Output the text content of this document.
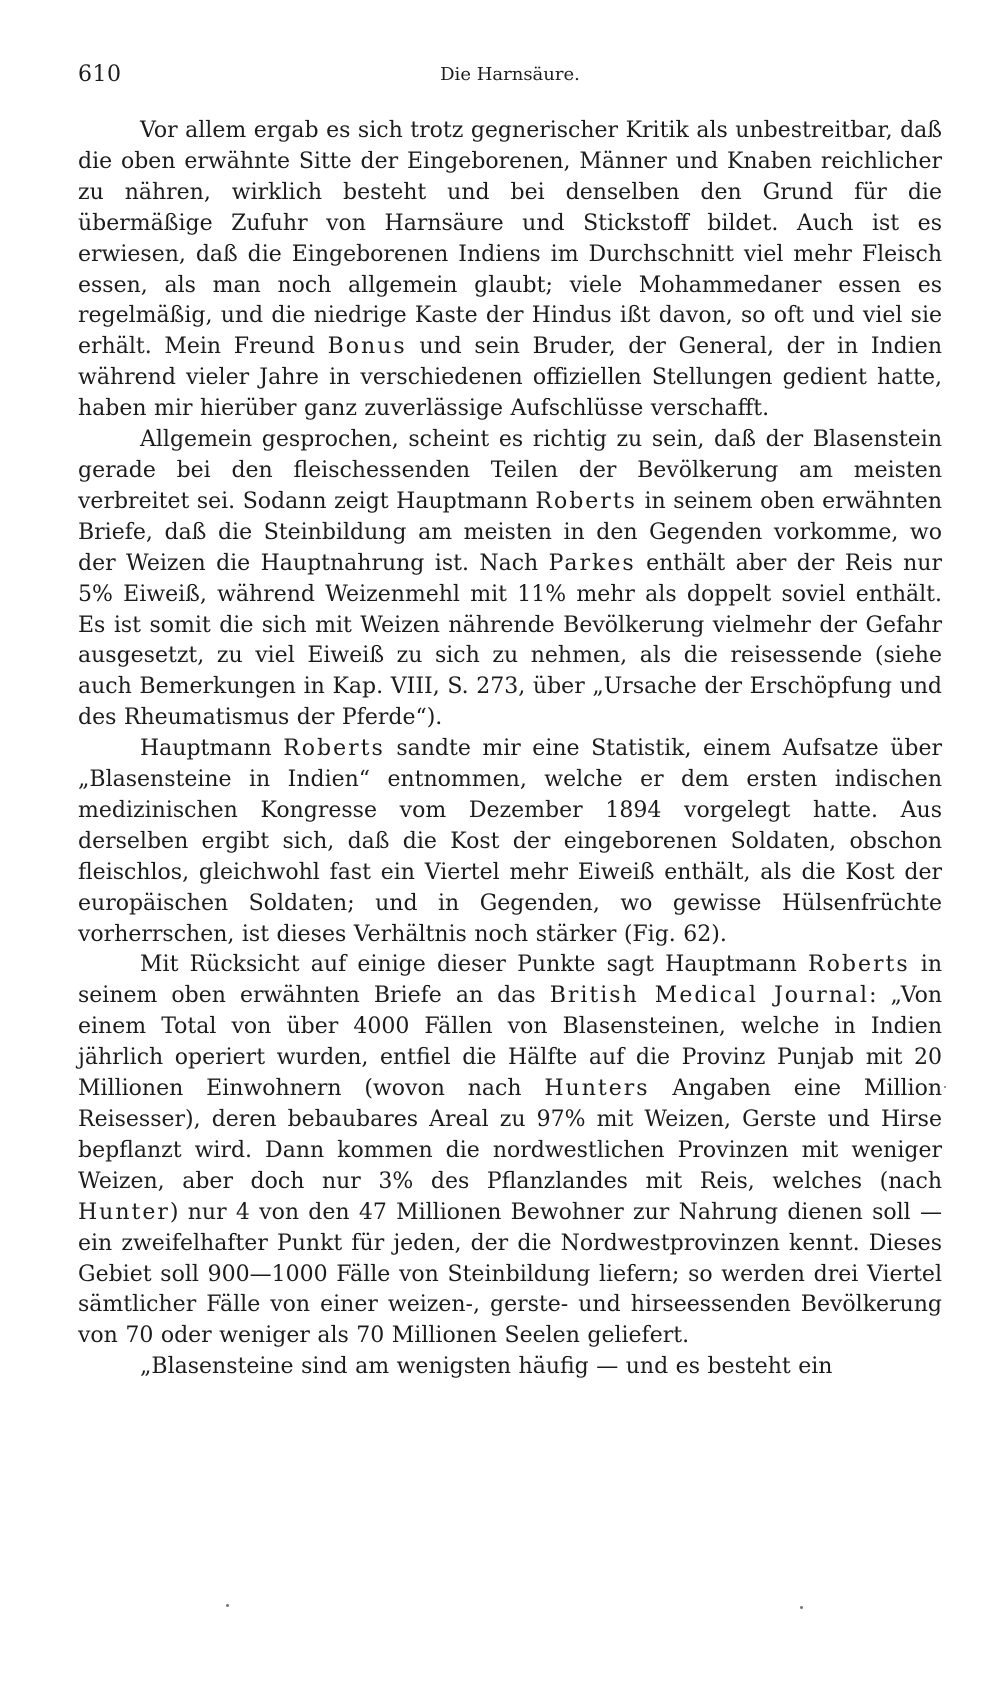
610	Die Harnsäure.

Vor allem ergab es sich trotz gegnerischer Kritik als unbestreitbar, daß die oben erwähnte Sitte der Eingeborenen, Männer und Knaben reichlicher zu nähren, wirklich besteht und bei denselben den Grund für die übermäßige Zufuhr von Harnsäure und Stickstoff bildet. Auch ist es erwiesen, daß die Eingeborenen Indiens im Durchschnitt viel mehr Fleisch essen, als man noch allgemein glaubt; viele Mohammedaner essen es regelmäßig, und die niedrige Kaste der Hindus ißt davon, so oft und viel sie erhält. Mein Freund Bonus und sein Bruder, der General, der in Indien während vieler Jahre in verschiedenen offiziellen Stellungen gedient hatte, haben mir hierüber ganz zuverlässige Aufschlüsse verschafft.

Allgemein gesprochen, scheint es richtig zu sein, daß der Blasenstein gerade bei den fleischessenden Teilen der Bevölkerung am meisten verbreitet sei. Sodann zeigt Hauptmann Roberts in seinem oben erwähnten Briefe, daß die Steinbildung am meisten in den Gegenden vorkomme, wo der Weizen die Hauptnahrung ist. Nach Parkes enthält aber der Reis nur 5% Eiweiß, während Weizenmehl mit 11% mehr als doppelt soviel enthält. Es ist somit die sich mit Weizen nährende Bevölkerung vielmehr der Gefahr ausgesetzt, zu viel Eiweiß zu sich zu nehmen, als die reisessende (siehe auch Bemerkungen in Kap. VIII, S. 273, über „Ursache der Erschöpfung und des Rheumatismus der Pferde“).

Hauptmann Roberts sandte mir eine Statistik, einem Aufsatze über „Blasensteine in Indien“ entnommen, welche er dem ersten indischen medizinischen Kongresse vom Dezember 1894 vorgelegt hatte. Aus derselben ergibt sich, daß die Kost der eingeborenen Soldaten, obschon fleischlos, gleichwohl fast ein Viertel mehr Eiweiß enthält, als die Kost der europäischen Soldaten; und in Gegenden, wo gewisse Hülsenfrüchte vorherrschen, ist dieses Verhältnis noch stärker (Fig. 62).

Mit Rücksicht auf einige dieser Punkte sagt Hauptmann Roberts in seinem oben erwähnten Briefe an das British Medical Journal: „Von einem Total von über 4000 Fällen von Blasensteinen, welche in Indien jährlich operiert wurden, entfiel die Hälfte auf die Provinz Punjab mit 20 Millionen Einwohnern (wovon nach Hunters Angaben eine Million Reisesser), deren bebaubares Areal zu 97% mit Weizen, Gerste und Hirse bepflanzt wird. Dann kommen die nordwestlichen Provinzen mit weniger Weizen, aber doch nur 3% des Pflanzlandes mit Reis, welches (nach Hunter) nur 4 von den 47 Millionen Bewohner zur Nahrung dienen soll — ein zweifelhafter Punkt für jeden, der die Nordwestprovinzen kennt. Dieses Gebiet soll 900—1000 Fälle von Steinbildung liefern; so werden drei Viertel sämtlicher Fälle von einer weizen-, gerste- und hirseessenden Bevölkerung von 70 oder weniger als 70 Millionen Seelen geliefert.

„Blasensteine sind am wenigsten häufig — und es besteht ein
